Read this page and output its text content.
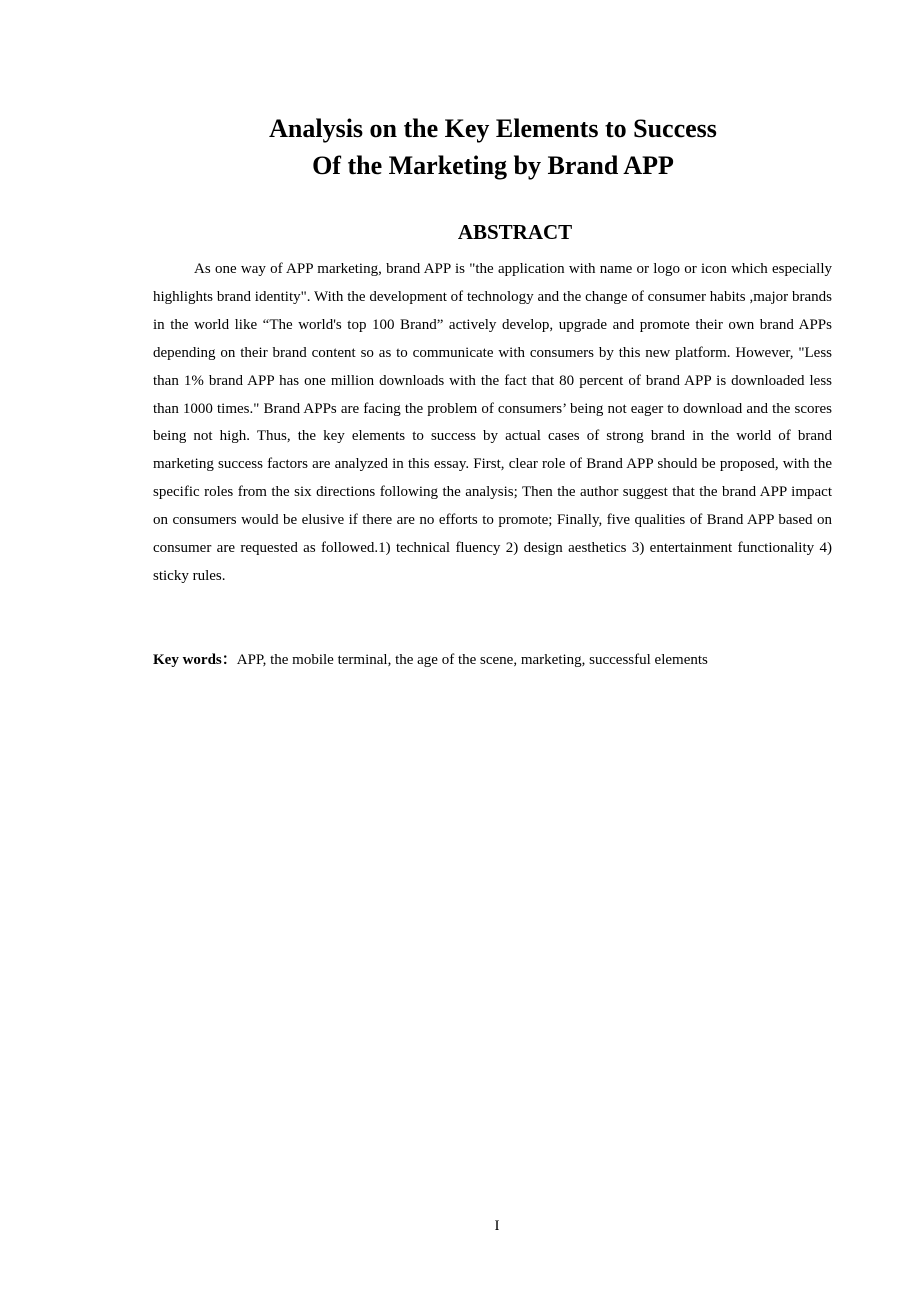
Analysis on the Key Elements to Success
Of the Marketing by Brand APP
ABSTRACT

As one way of APP marketing, brand APP is "the application with name or logo or icon which especially highlights brand identity". With the development of technology and the change of consumer habits ,major brands in the world like “The world's top 100 Brand” actively develop, upgrade and promote their own brand APPs depending on their brand content so as to communicate with consumers by this new platform. However, "Less than 1% brand APP has one million downloads with the fact that 80 percent of brand APP is downloaded less than 1000 times." Brand APPs are facing the problem of consumers’ being not eager to download and the scores being not high. Thus, the key elements to success by actual cases of strong brand in the world of brand marketing success factors are analyzed in this essay. First, clear role of Brand APP should be proposed, with the specific roles from the six directions following the analysis; Then the author suggest that the brand APP impact on consumers would be elusive if there are no efforts to promote; Finally, five qualities of Brand APP based on consumer are requested as followed.1) technical fluency 2) design aesthetics 3) entertainment functionality 4) sticky rules.

Key words：APP, the mobile terminal, the age of the scene, marketing, successful elements

I
